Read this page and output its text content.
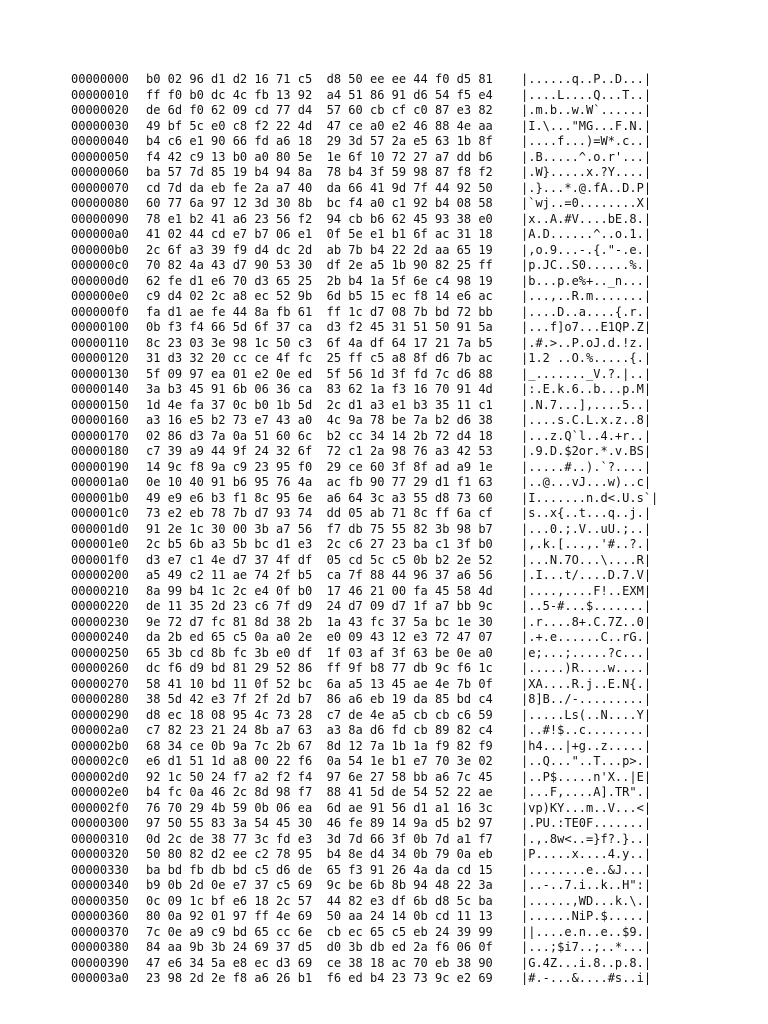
00000000	b0 02 96 d1 d2 16 71 c5  d8 50 ee ee 44 f0 d5 81	|......q..P..D...|
00000010	ff f0 b0 dc 4c fb 13 92  a4 51 86 91 d6 54 f5 e4	|....L....Q...T..|
00000020	de 6d f0 62 09 cd 77 d4  57 60 cb cf c0 87 e3 82	|.m.b..w.W`......|
00000030	49 bf 5c e0 c8 f2 22 4d  47 ce a0 e2 46 88 4e aa	|I.\..."MG...F.N.|
00000040	b4 c6 e1 90 66 fd a6 18  29 3d 57 2a e5 63 1b 8f	|....f...)=W*.c..|
00000050	f4 42 c9 13 b0 a0 80 5e  1e 6f 10 72 27 a7 dd b6	|.B.....^.o.r'...|
00000060	ba 57 7d 85 19 b4 94 8a  78 b4 3f 59 98 87 f8 f2	|.W}.....x.?Y....|
00000070	cd 7d da eb fe 2a a7 40  da 66 41 9d 7f 44 92 50	|.}...*.@.fA..D.P|
00000080	60 77 6a 97 12 3d 30 8b  bc f4 a0 c1 92 b4 08 58	|`wj..=0........X|
00000090	78 e1 b2 41 a6 23 56 f2  94 cb b6 62 45 93 38 e0	|x..A.#V....bE.8.|
000000a0	41 02 44 cd e7 b7 06 e1  0f 5e e1 b1 6f ac 31 18	|A.D......^..o.1.|
000000b0	2c 6f a3 39 f9 d4 dc 2d  ab 7b b4 22 2d aa 65 19	|,o.9...-.{."-.e.|
000000c0	70 82 4a 43 d7 90 53 30  df 2e a5 1b 90 82 25 ff	|p.JC..S0......%.|
000000d0	62 fe d1 e6 70 d3 65 25  2b b4 1a 5f 6e c4 98 19	|b...p.e%+.._n...|
000000e0	c9 d4 02 2c a8 ec 52 9b  6d b5 15 ec f8 14 e6 ac	|...,..R.m.......|
000000f0	fa d1 ae fe 44 8a fb 61  ff 1c d7 08 7b bd 72 bb	|....D..a....{.r.|
00000100	0b f3 f4 66 5d 6f 37 ca  d3 f2 45 31 51 50 91 5a	|...f]o7...E1QP.Z|
00000110	8c 23 03 3e 98 1c 50 c3  6f 4a df 64 17 21 7a b5	|.#.>..P.oJ.d.!z.|
00000120	31 d3 32 20 cc ce 4f fc  25 ff c5 a8 8f d6 7b ac	|1.2 ..O.%.....{.|
00000130	5f 09 97 ea 01 e2 0e ed  5f 56 1d 3f fd 7c d6 88	|_......._V.?.|..|
00000140	3a b3 45 91 6b 06 36 ca  83 62 1a f3 16 70 91 4d	|:.E.k.6..b...p.M|
00000150	1d 4e fa 37 0c b0 1b 5d  2c d1 a3 e1 b3 35 11 c1	|.N.7...],....5..|
00000160	a3 16 e5 b2 73 e7 43 a0  4c 9a 78 be 7a b2 d6 38	|....s.C.L.x.z..8|
00000170	02 86 d3 7a 0a 51 60 6c  b2 cc 34 14 2b 72 d4 18	|...z.Q`l..4.+r..|
00000180	c7 39 a9 44 9f 24 32 6f  72 c1 2a 98 76 a3 42 53	|.9.D.$2or.*.v.BS|
00000190	14 9c f8 9a c9 23 95 f0  29 ce 60 3f 8f ad a9 1e	|.....#..).`?....|
000001a0	0e 10 40 91 b6 95 76 4a  ac fb 90 77 29 d1 f1 63	|..@...vJ...w)..c|
000001b0	49 e9 e6 b3 f1 8c 95 6e  a6 64 3c a3 55 d8 73 60	|I.......n.d<.U.s`|
000001c0	73 e2 eb 78 7b d7 93 74  dd 05 ab 71 8c ff 6a cf	|s..x{..t...q..j.|
000001d0	91 2e 1c 30 00 3b a7 56  f7 db 75 55 82 3b 98 b7	|...0.;.V..uU.;..|
000001e0	2c b5 6b a3 5b bc d1 e3  2c c6 27 23 ba c1 3f b0	|,.k.[...,.'#..?.|
000001f0	d3 e7 c1 4e d7 37 4f df  05 cd 5c c5 0b b2 2e 52	|...N.7O...\....R|
00000200	a5 49 c2 11 ae 74 2f b5  ca 7f 88 44 96 37 a6 56	|.I...t/....D.7.V|
00000210	8a 99 b4 1c 2c e4 0f b0  17 46 21 00 fa 45 58 4d	|....,....F!..EXM|
00000220	de 11 35 2d 23 c6 7f d9  24 d7 09 d7 1f a7 bb 9c	|..5-#...$.......|
00000230	9e 72 d7 fc 81 8d 38 2b  1a 43 fc 37 5a bc 1e 30	|.r....8+.C.7Z..0|
00000240	da 2b ed 65 c5 0a a0 2e  e0 09 43 12 e3 72 47 07	|.+.e......C..rG.|
00000250	65 3b cd 8b fc 3b e0 df  1f 03 af 3f 63 be 0e a0	|e;...;.....?c...|
00000260	dc f6 d9 bd 81 29 52 86  ff 9f b8 77 db 9c f6 1c	|.....)R....w....|
00000270	58 41 10 bd 11 0f 52 bc  6a a5 13 45 ae 4e 7b 0f	|XA....R.j..E.N{.|
00000280	38 5d 42 e3 7f 2f 2d b7  86 a6 eb 19 da 85 bd c4	|8]B../-.........|
00000290	d8 ec 18 08 95 4c 73 28  c7 de 4e a5 cb cb c6 59	|.....Ls(..N....Y|
000002a0	c7 82 23 21 24 8b a7 63  a3 8a d6 fd cb 89 82 c4	|..#!$..c........|
000002b0	68 34 ce 0b 9a 7c 2b 67  8d 12 7a 1b 1a f9 82 f9	|h4...|+g..z.....|
000002c0	e6 d1 51 1d a8 00 22 f6  0a 54 1e b1 e7 70 3e 02	|..Q..."..T...p>.|
000002d0	92 1c 50 24 f7 a2 f2 f4  97 6e 27 58 bb a6 7c 45	|..P$.....n'X..|E|
000002e0	b4 fc 0a 46 2c 8d 98 f7  88 41 5d de 54 52 22 ae	|...F,....A].TR".|
000002f0	76 70 29 4b 59 0b 06 ea  6d ae 91 56 d1 a1 16 3c	|vp)KY...m..V...<|
00000300	97 50 55 83 3a 54 45 30  46 fe 89 14 9a d5 b2 97	|.PU.:TE0F.......|
00000310	0d 2c de 38 77 3c fd e3  3d 7d 66 3f 0b 7d a1 f7	|.,.8w<..=}f?.}..|
00000320	50 80 82 d2 ee c2 78 95  b4 8e d4 34 0b 79 0a eb	|P.....x....4.y..|
00000330	ba bd fb db bd c5 d6 de  65 f3 91 26 4a da cd 15	|........e..&J...|
00000340	b9 0b 2d 0e e7 37 c5 69  9c be 6b 8b 94 48 22 3a	|..-..7.i..k..H":|
00000350	0c 09 1c bf e6 18 2c 57  44 82 e3 df 6b d8 5c ba	|......,WD...k.\.|
00000360	80 0a 92 01 97 ff 4e 69  50 aa 24 14 0b cd 11 13	|......NiP.$.....|
00000370	7c 0e a9 c9 bd 65 cc 6e  cb ec 65 c5 eb 24 39 99	||....e.n..e..$9.|
00000380	84 aa 9b 3b 24 69 37 d5  d0 3b db ed 2a f6 06 0f	|...;$i7..;..*...|
00000390	47 e6 34 5a e8 ec d3 69  ce 38 18 ac 70 eb 38 90	|G.4Z...i.8..p.8.|
000003a0	23 98 2d 2e f8 a6 26 b1  f6 ed b4 23 73 9c e2 69	|#.-...&....#s..i|
